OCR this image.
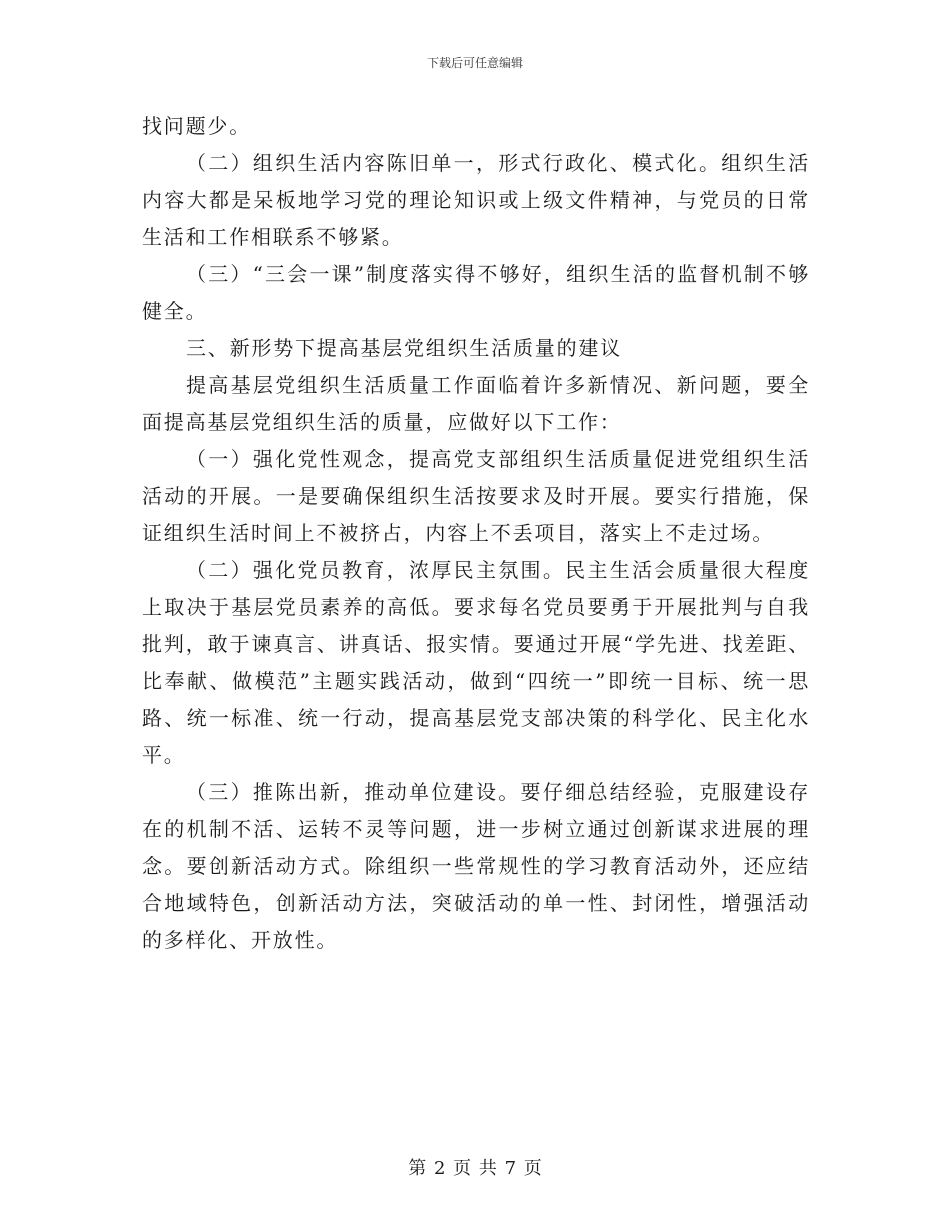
下载后可任意编辑

找问题少。

（二）组织生活内容陈旧单一，形式行政化、模式化。组织生活内容大都是呆板地学习党的理论知识或上级文件精神，与党员的日常生活和工作相联系不够紧。

（三）“三会一课”制度落实得不够好，组织生活的监督机制不够健全。

三、新形势下提高基层党组织生活质量的建议

提高基层党组织生活质量工作面临着许多新情况、新问题，要全面提高基层党组织生活的质量，应做好以下工作：

（一）强化党性观念，提高党支部组织生活质量促进党组织生活活动的开展。一是要确保组织生活按要求及时开展。要实行措施，保证组织生活时间上不被挤占，内容上不丢项目，落实上不走过场。

（二）强化党员教育，浓厚民主氛围。民主生活会质量很大程度上取决于基层党员素养的高低。要求每名党员要勇于开展批判与自我批判，敢于谏真言、讲真话、报实情。要通过开展“学先进、找差距、比奉献、做模范”主题实践活动，做到“四统一”即统一目标、统一思路、统一标准、统一行动，提高基层党支部决策的科学化、民主化水平。

（三）推陈出新，推动单位建设。要仔细总结经验，克服建设存在的机制不活、运转不灵等问题，进一步树立通过创新谋求进展的理念。要创新活动方式。除组织一些常规性的学习教育活动外，还应结合地域特色，创新活动方法，突破活动的单一性、封闭性，增强活动的多样化、开放性。

第 2 页 共 7 页
